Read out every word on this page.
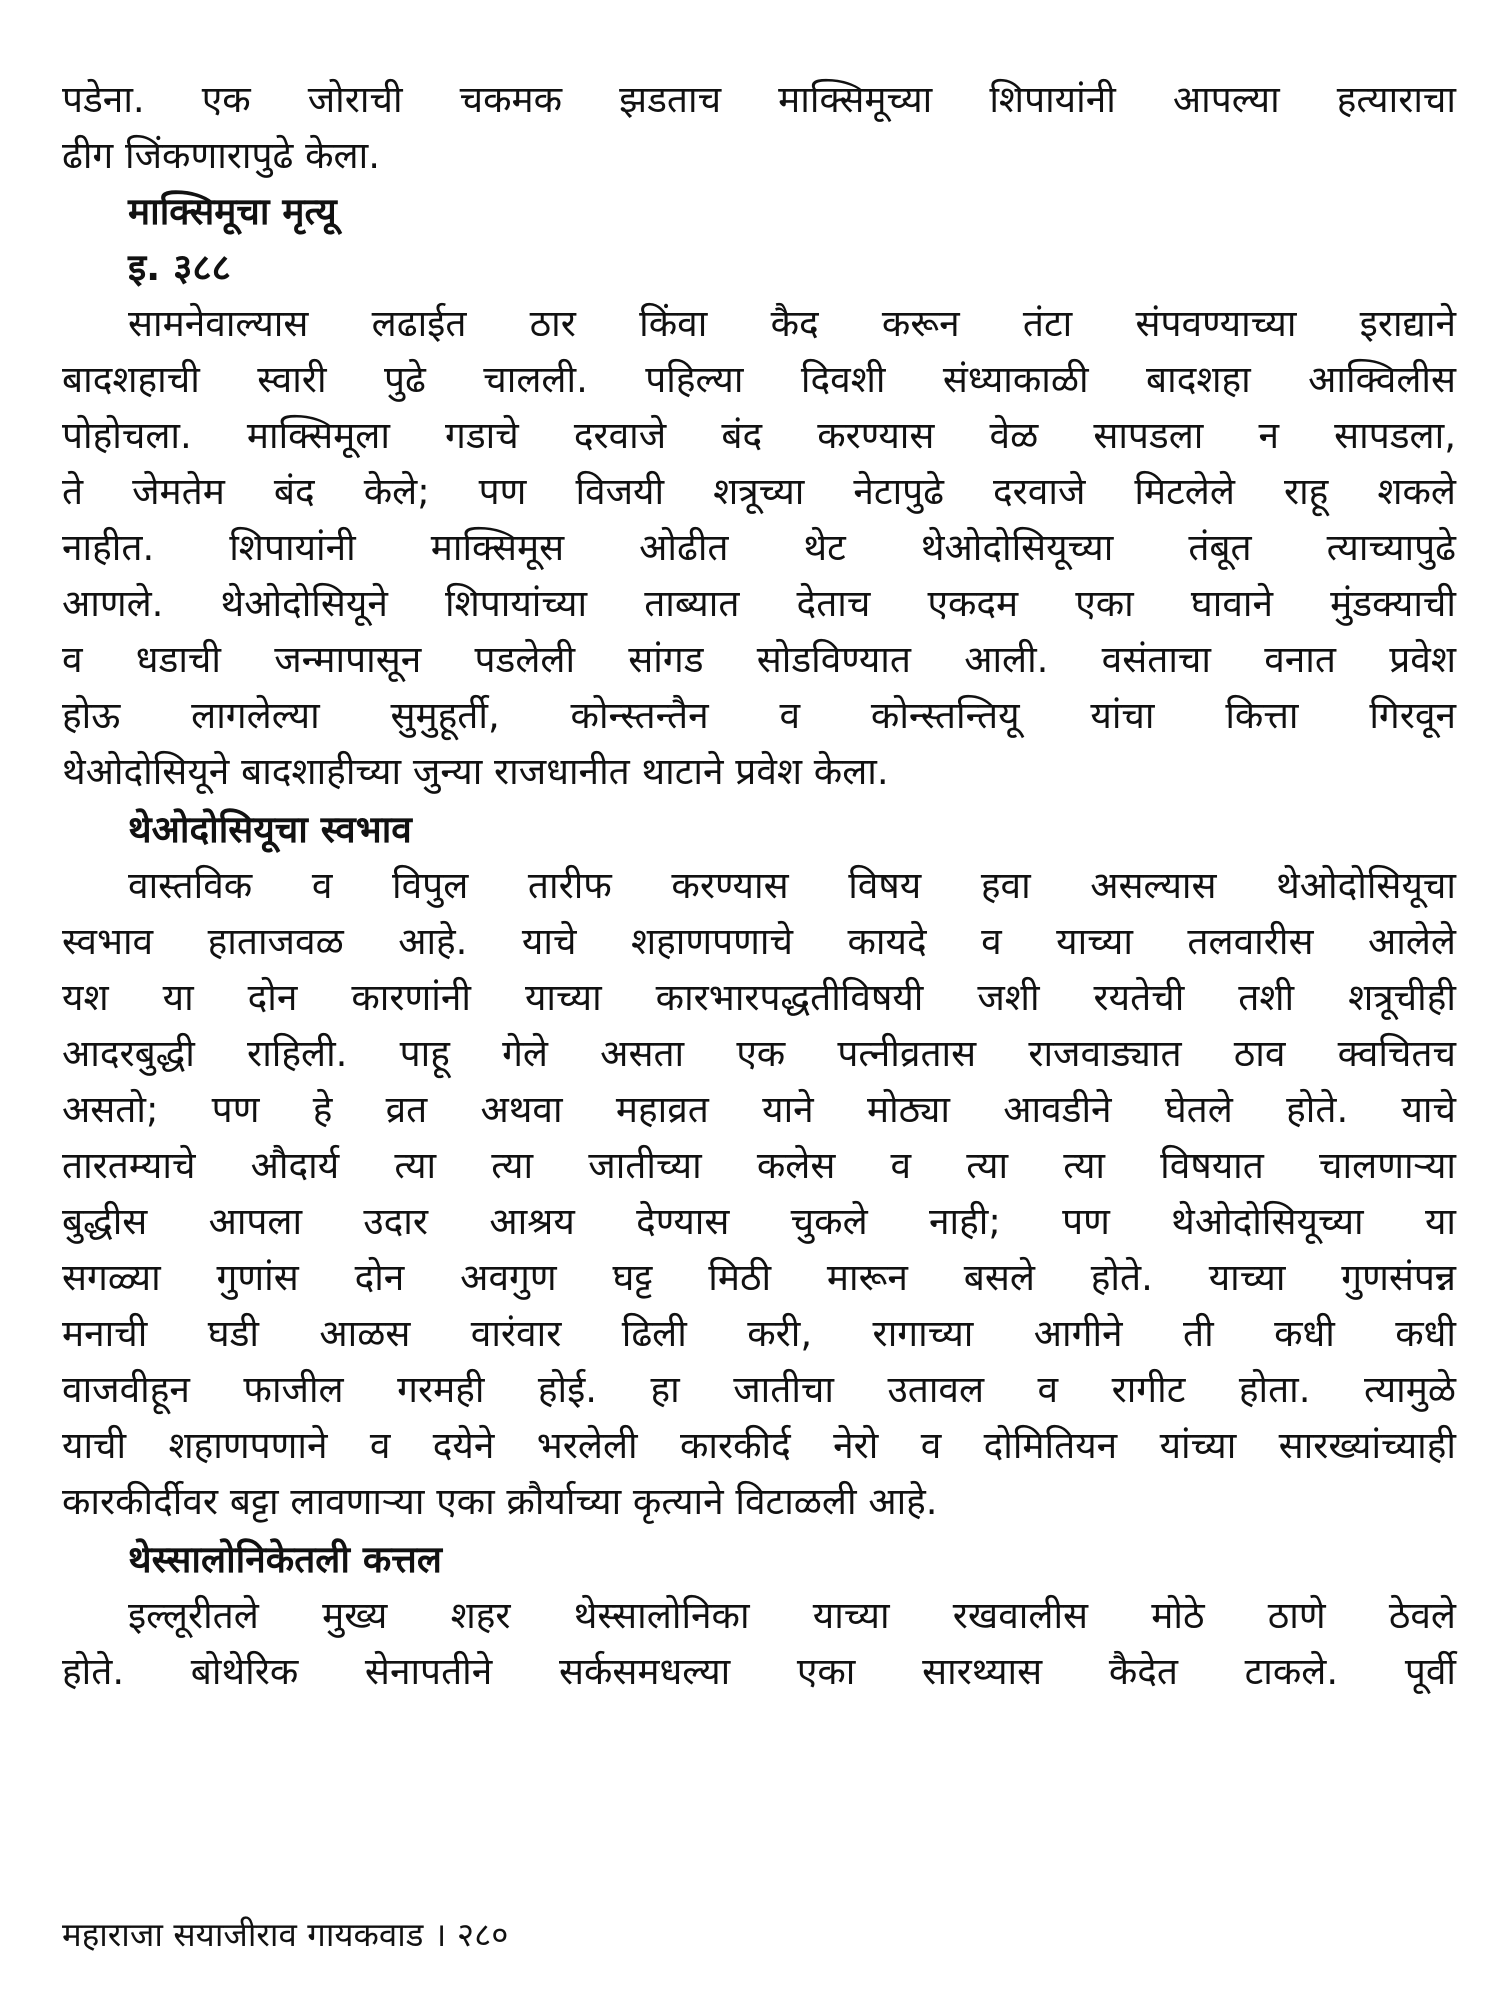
पडेना. एक जोराची चकमक झडताच माक्सिमूच्या शिपायांनी आपल्या हत्याराचा
ढीग जिंकणारापुढे केला.
माक्सिमूचा मृत्यू
इ. ३८८
सामनेवाल्यास लढाईत ठार किंवा कैद करून तंटा संपवण्याच्या इराद्याने
बादशहाची स्वारी पुढे चालली. पहिल्या दिवशी संध्याकाळी बादशहा आक्विलीस
पोहोचला. माक्सिमूला गडाचे दरवाजे बंद करण्यास वेळ सापडला न सापडला,
ते जेमतेम बंद केले; पण विजयी शत्रूच्या नेटापुढे दरवाजे मिटलेले राहू शकले
नाहीत. शिपायांनी माक्सिमूस ओढीत थेट थेओदोसियूच्या तंबूत त्याच्यापुढे
आणले. थेओदोसियूने शिपायांच्या ताब्यात देताच एकदम एका घावाने मुंडक्याची
व धडाची जन्मापासून पडलेली सांगड सोडविण्यात आली. वसंताचा वनात प्रवेश
होऊ लागलेल्या सुमुहूर्ती, कोन्स्तन्तैन व कोन्स्तन्तियू यांचा कित्ता गिरवून
थेओदोसियूने बादशाहीच्या जुन्या राजधानीत थाटाने प्रवेश केला.
थेओदोसियूचा स्वभाव
वास्तविक व विपुल तारीफ करण्यास विषय हवा असल्यास थेओदोसियूचा
स्वभाव हाताजवळ आहे. याचे शहाणपणाचे कायदे व याच्या तलवारीस आलेले
यश या दोन कारणांनी याच्या कारभारपद्धतीविषयी जशी रयतेची तशी शत्रूचीही
आदरबुद्धी राहिली. पाहू गेले असता एक पत्नीव्रतास राजवाड्यात ठाव क्वचितच
असतो; पण हे व्रत अथवा महाव्रत याने मोठ्या आवडीने घेतले होते. याचे
तारतम्याचे औदार्य त्या त्या जातीच्या कलेस व त्या त्या विषयात चालणाऱ्या
बुद्धीस आपला उदार आश्रय देण्यास चुकले नाही; पण थेओदोसियूच्या या
सगळ्या गुणांस दोन अवगुण घट्ट मिठी मारून बसले होते. याच्या गुणसंपन्न
मनाची घडी आळस वारंवार ढिली करी, रागाच्या आगीने ती कधी कधी
वाजवीहून फाजील गरमही होई. हा जातीचा उतावल व रागीट होता. त्यामुळे
याची शहाणपणाने व दयेने भरलेली कारकीर्द नेरो व दोमितियन यांच्या सारख्यांच्याही
कारकीर्दीवर बट्टा लावणाऱ्या एका क्रौर्याच्या कृत्याने विटाळली आहे.
थेस्सालोनिकेतली कत्तल
इल्लूरीतले मुख्य शहर थेस्सालोनिका याच्या रखवालीस मोठे ठाणे ठेवले
होते. बोथेरिक सेनापतीने सर्कसमधल्या एका सारथ्यास कैदेत टाकले. पूर्वी
महाराजा सयाजीराव गायकवाड । २८०
